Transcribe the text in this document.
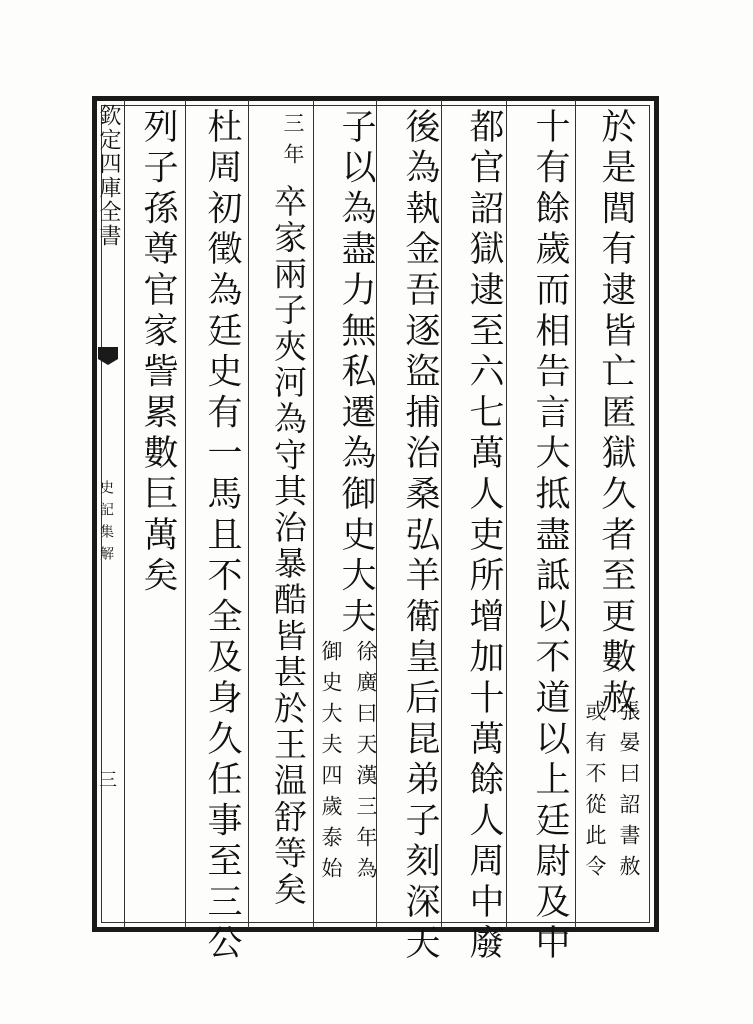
欽定四庫全書
史記集解
三
於是閭有逮皆亡匿獄久者至更數赦
張晏曰詔書赦
或有不從此令
十有餘歲而相告言大抵盡詆以不道以上廷尉及中
都官詔獄逮至六七萬人吏所增加十萬餘人周中廢
後為執金吾逐盜捕治桑弘羊衛皇后昆弟子刻深天
子以為盡力無私遷為御史大夫
徐廣曰天漢三年為
御史大夫四歲泰始
三年
卒家兩子夾河為守其治暴酷皆甚於王温舒等矣
杜周初徵為廷史有一馬且不全及身久任事至三公
列子孫尊官家訾累數巨萬矣
